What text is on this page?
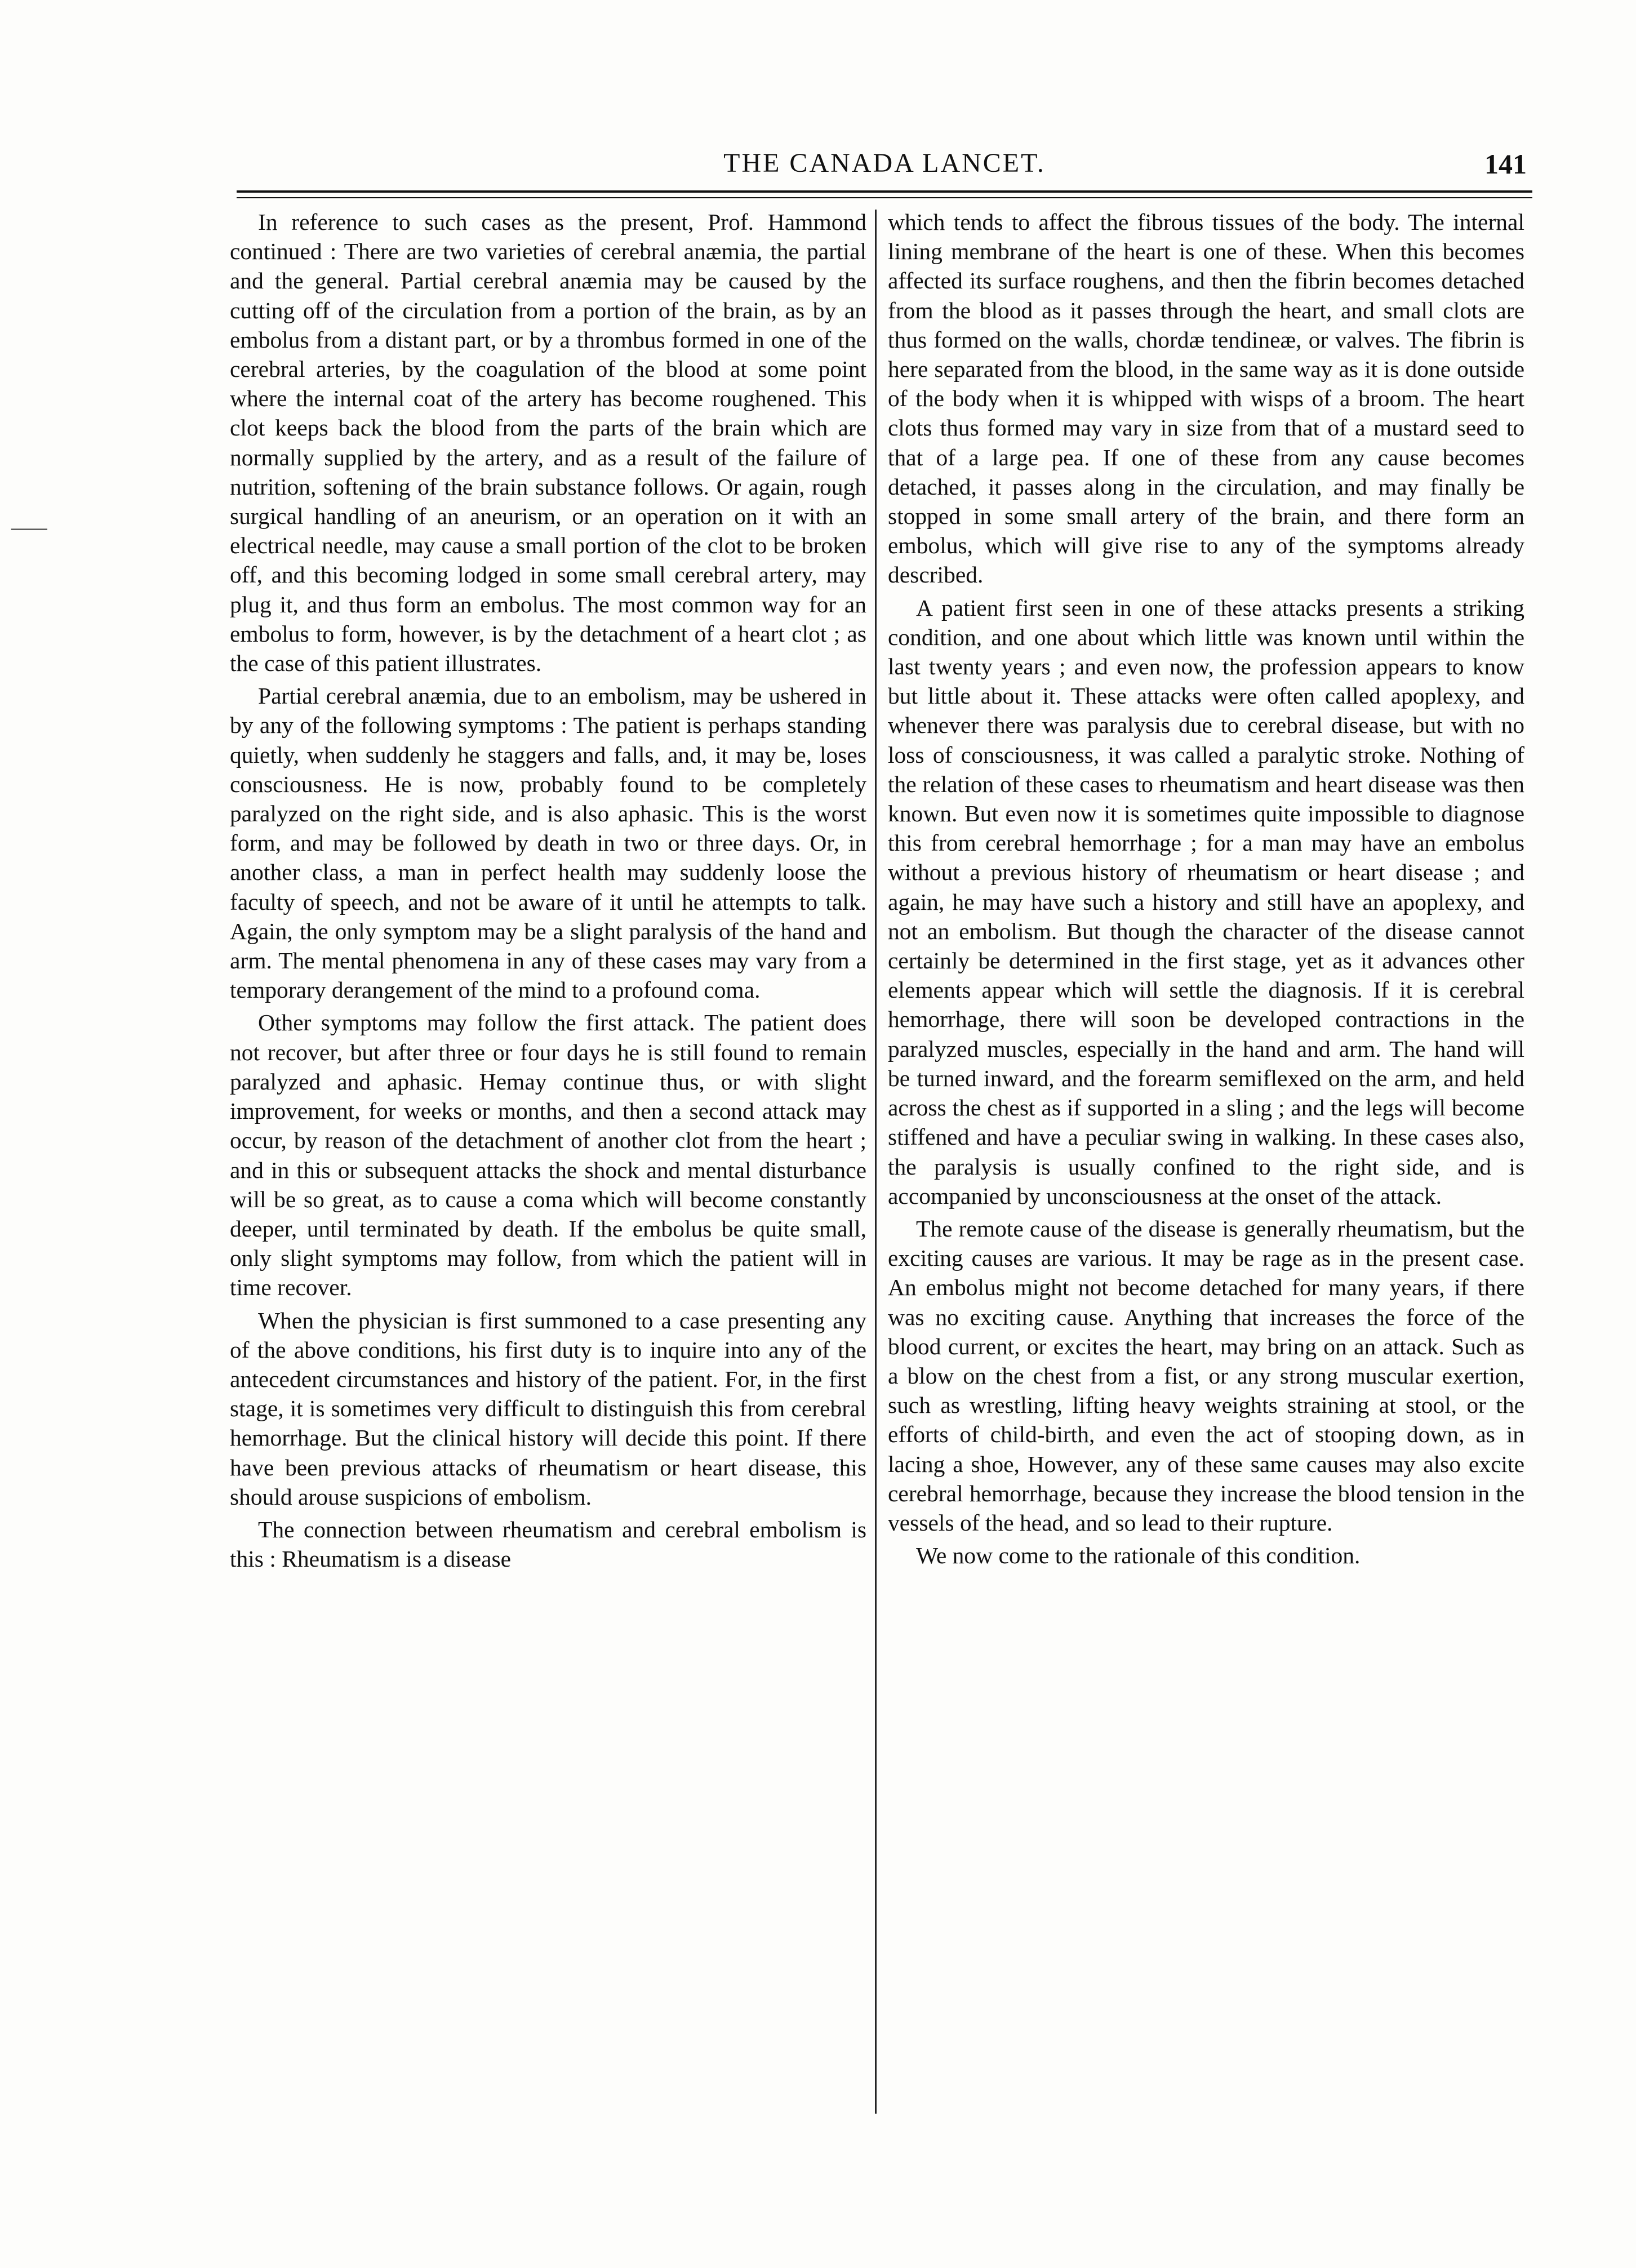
THE CANADA LANCET.	141
⸺

In reference to such cases as the present, Prof. Hammond continued : There are two varieties of cerebral anæmia, the partial and the general. Partial cerebral anæmia may be caused by the cutting off of the circulation from a portion of the brain, as by an embolus from a distant part, or by a thrombus formed in one of the cerebral arteries, by the coagulation of the blood at some point where the internal coat of the artery has become roughened. This clot keeps back the blood from the parts of the brain which are normally supplied by the artery, and as a result of the failure of nutrition, softening of the brain substance follows. Or again, rough surgical handling of an aneurism, or an operation on it with an electrical needle, may cause a small portion of the clot to be broken off, and this becoming lodged in some small cerebral artery, may plug it, and thus form an embolus. The most common way for an embolus to form, however, is by the detachment of a heart clot ; as the case of this patient illustrates.

Partial cerebral anæmia, due to an embolism, may be ushered in by any of the following symptoms : The patient is perhaps standing quietly, when suddenly he staggers and falls, and, it may be, loses consciousness. He is now, probably found to be completely paralyzed on the right side, and is also aphasic. This is the worst form, and may be followed by death in two or three days. Or, in another class, a man in perfect health may suddenly loose the faculty of speech, and not be aware of it until he attempts to talk. Again, the only symptom may be a slight paralysis of the hand and arm. The mental phenomena in any of these cases may vary from a temporary derangement of the mind to a profound coma.

Other symptoms may follow the first attack. The patient does not recover, but after three or four days he is still found to remain paralyzed and aphasic. Hemay continue thus, or with slight improvement, for weeks or months, and then a second attack may occur, by reason of the detachment of another clot from the heart ; and in this or subsequent attacks the shock and mental disturbance will be so great, as to cause a coma which will become constantly deeper, until terminated by death. If the embolus be quite small, only slight symptoms may follow, from which the patient will in time recover.

When the physician is first summoned to a case presenting any of the above conditions, his first duty is to inquire into any of the antecedent circumstances and history of the patient. For, in the first stage, it is sometimes very difficult to distinguish this from cerebral hemorrhage. But the clinical history will decide this point. If there have been previous attacks of rheumatism or heart disease, this should arouse suspicions of embolism.

The connection between rheumatism and cerebral embolism is this : Rheumatism is a disease

which tends to affect the fibrous tissues of the body. The internal lining membrane of the heart is one of these. When this becomes affected its surface roughens, and then the fibrin becomes detached from the blood as it passes through the heart, and small clots are thus formed on the walls, chordæ tendineæ, or valves. The fibrin is here separated from the blood, in the same way as it is done outside of the body when it is whipped with wisps of a broom. The heart clots thus formed may vary in size from that of a mustard seed to that of a large pea. If one of these from any cause becomes detached, it passes along in the circulation, and may finally be stopped in some small artery of the brain, and there form an embolus, which will give rise to any of the symptoms already described.

A patient first seen in one of these attacks presents a striking condition, and one about which little was known until within the last twenty years ; and even now, the profession appears to know but little about it. These attacks were often called apoplexy, and whenever there was paralysis due to cerebral disease, but with no loss of consciousness, it was called a paralytic stroke. Nothing of the relation of these cases to rheumatism and heart disease was then known. But even now it is sometimes quite impossible to diagnose this from cerebral hemorrhage ; for a man may have an embolus without a previous history of rheumatism or heart disease ; and again, he may have such a history and still have an apoplexy, and not an embolism. But though the character of the disease cannot certainly be determined in the first stage, yet as it advances other elements appear which will settle the diagnosis. If it is cerebral hemorrhage, there will soon be developed contractions in the paralyzed muscles, especially in the hand and arm. The hand will be turned inward, and the forearm semiflexed on the arm, and held across the chest as if supported in a sling ; and the legs will become stiffened and have a peculiar swing in walking. In these cases also, the paralysis is usually confined to the right side, and is accompanied by unconsciousness at the onset of the attack.

The remote cause of the disease is generally rheumatism, but the exciting causes are various. It may be rage as in the present case. An embolus might not become detached for many years, if there was no exciting cause. Anything that increases the force of the blood current, or excites the heart, may bring on an attack. Such as a blow on the chest from a fist, or any strong muscular exertion, such as wrestling, lifting heavy weights straining at stool, or the efforts of child-birth, and even the act of stooping down, as in lacing a shoe, However, any of these same causes may also excite cerebral hemorrhage, because they increase the blood tension in the vessels of the head, and so lead to their rupture.

We now come to the rationale of this condition.
